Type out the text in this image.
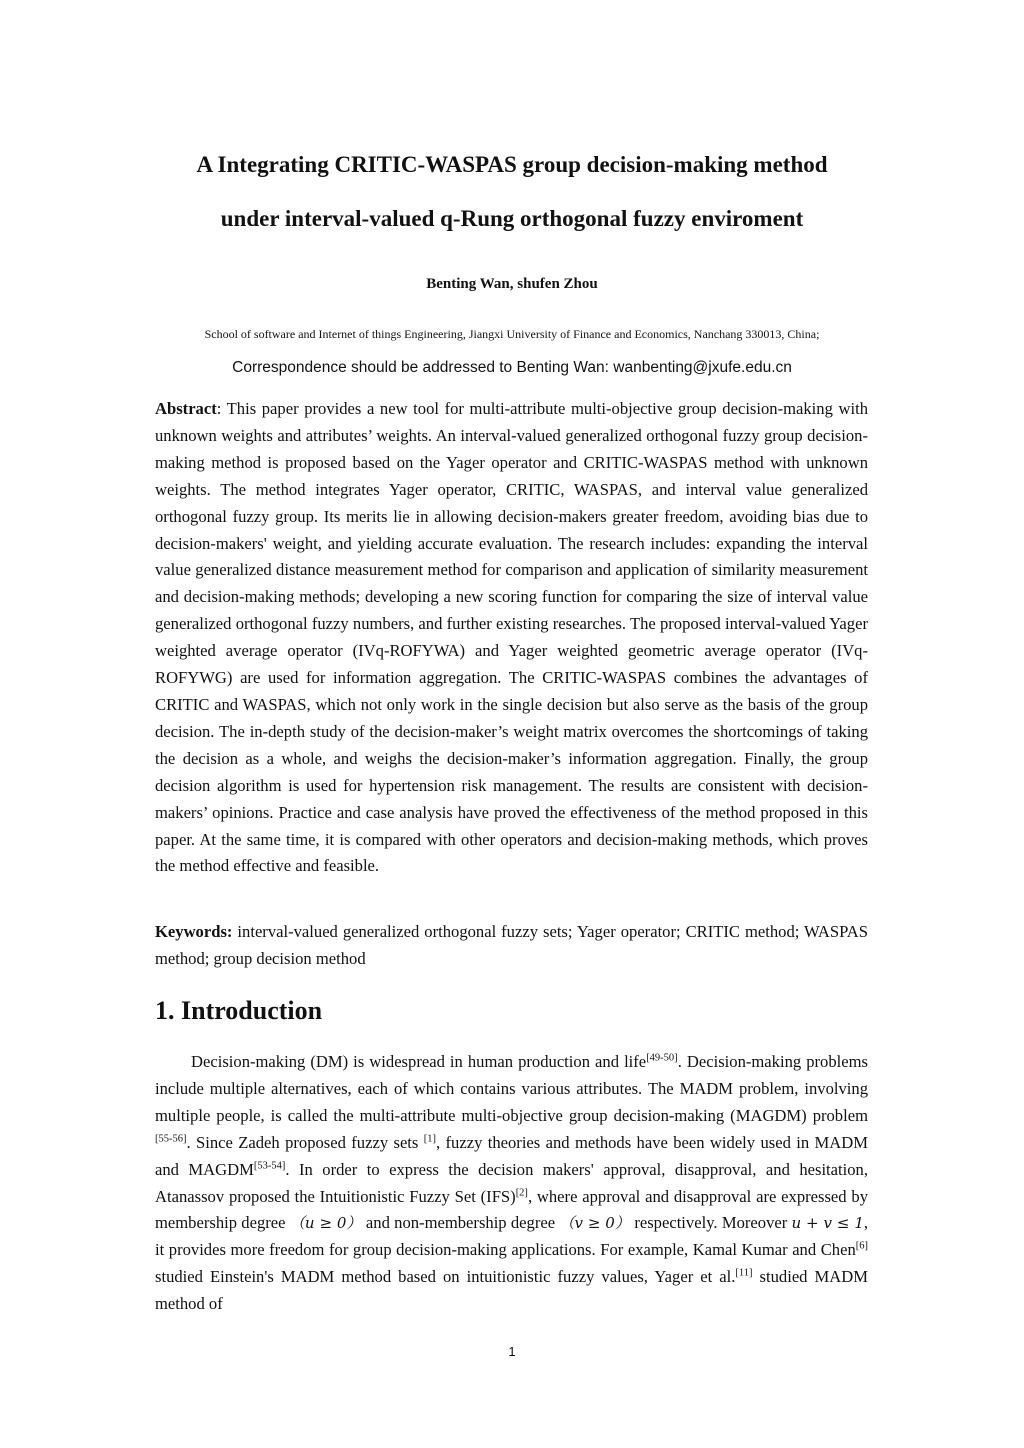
A Integrating CRITIC-WASPAS group decision-making method
under interval-valued q-Rung orthogonal fuzzy enviroment
Benting Wan, shufen Zhou
School of software and Internet of things Engineering, Jiangxi University of Finance and Economics, Nanchang 330013, China;
Correspondence should be addressed to Benting Wan: wanbenting@jxufe.edu.cn

Abstract: This paper provides a new tool for multi-attribute multi-objective group decision-making with unknown weights and attributes’ weights. An interval-valued generalized orthogonal fuzzy group decision-making method is proposed based on the Yager operator and CRITIC-WASPAS method with unknown weights. The method integrates Yager operator, CRITIC, WASPAS, and interval value generalized orthogonal fuzzy group. Its merits lie in allowing decision-makers greater freedom, avoiding bias due to decision-makers' weight, and yielding accurate evaluation. The research includes: expanding the interval value generalized distance measurement method for comparison and application of similarity measurement and decision-making methods; developing a new scoring function for comparing the size of interval value generalized orthogonal fuzzy numbers, and further existing researches. The proposed interval-valued Yager weighted average operator (IVq-ROFYWA) and Yager weighted geometric average operator (IVq-ROFYWG) are used for information aggregation. The CRITIC-WASPAS combines the advantages of CRITIC and WASPAS, which not only work in the single decision but also serve as the basis of the group decision. The in-depth study of the decision-maker’s weight matrix overcomes the shortcomings of taking the decision as a whole, and weighs the decision-maker’s information aggregation. Finally, the group decision algorithm is used for hypertension risk management. The results are consistent with decision-makers’ opinions. Practice and case analysis have proved the effectiveness of the method proposed in this paper. At the same time, it is compared with other operators and decision-making methods, which proves the method effective and feasible.

Keywords: interval-valued generalized orthogonal fuzzy sets; Yager operator; CRITIC method; WASPAS method; group decision method

1. Introduction

Decision-making (DM) is widespread in human production and life[49-50]. Decision-making problems include multiple alternatives, each of which contains various attributes. The MADM problem, involving multiple people, is called the multi-attribute multi-objective group decision-making (MAGDM) problem [55-56]. Since Zadeh proposed fuzzy sets [1], fuzzy theories and methods have been widely used in MADM and MAGDM[53-54]. In order to express the decision makers' approval, disapproval, and hesitation, Atanassov proposed the Intuitionistic Fuzzy Set (IFS)[2], where approval and disapproval are expressed by membership degree （u ≥ 0） and non-membership degree （v ≥ 0） respectively. Moreover u + v ≤ 1, it provides more freedom for group decision-making applications. For example, Kamal Kumar and Chen[6] studied Einstein's MADM method based on intuitionistic fuzzy values, Yager et al.[11] studied MADM method of

1
